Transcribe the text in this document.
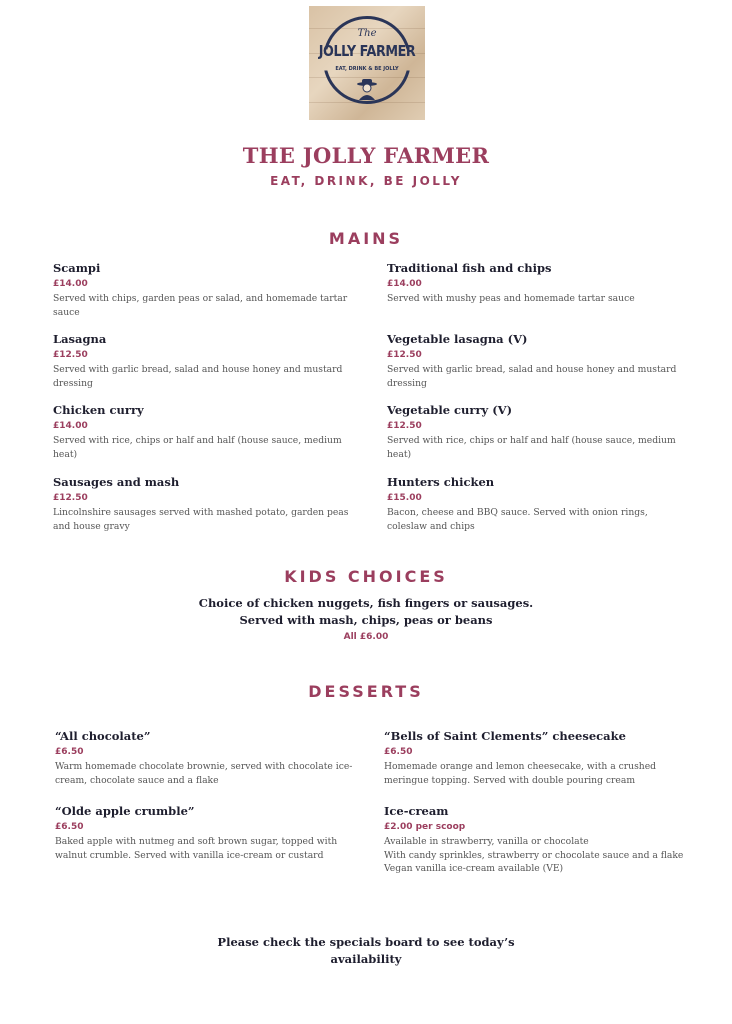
The
JOLLY FARMER
EAT, DRINK & BE JOLLY
THE JOLLY FARMER
EAT, DRINK, BE JOLLY
MAINS
Scampi
£14.00
Served with chips, garden peas or salad, and homemade tartar sauce
Traditional fish and chips
£14.00
Served with mushy peas and homemade tartar sauce
Lasagna
£12.50
Served with garlic bread, salad and house honey and mustard dressing
Vegetable lasagna (V)
£12.50
Served with garlic bread, salad and house honey and mustard dressing
Chicken curry
£14.00
Served with rice, chips or half and half (house sauce, medium heat)
Vegetable curry (V)
£12.50
Served with rice, chips or half and half (house sauce, medium heat)
Sausages and mash
£12.50
Lincolnshire sausages served with mashed potato, garden peas and house gravy
Hunters chicken
£15.00
Bacon, cheese and BBQ sauce. Served with onion rings, coleslaw and chips
KIDS CHOICES
Choice of chicken nuggets, fish fingers or sausages.
Served with mash, chips, peas or beans
All £6.00
DESSERTS
“All chocolate”
£6.50
Warm homemade chocolate brownie, served with chocolate ice-cream, chocolate sauce and a flake
“Bells of Saint Clements” cheesecake
£6.50
Homemade orange and lemon cheesecake, with a crushed meringue topping. Served with double pouring cream
“Olde apple crumble”
£6.50
Baked apple with nutmeg and soft brown sugar, topped with walnut crumble. Served with vanilla ice-cream or custard
Ice-cream
£2.00 per scoop
Available in strawberry, vanilla or chocolate
With candy sprinkles, strawberry or chocolate sauce and a flake
Vegan vanilla ice-cream available (VE)
Please check the specials board to see today’s
availability
